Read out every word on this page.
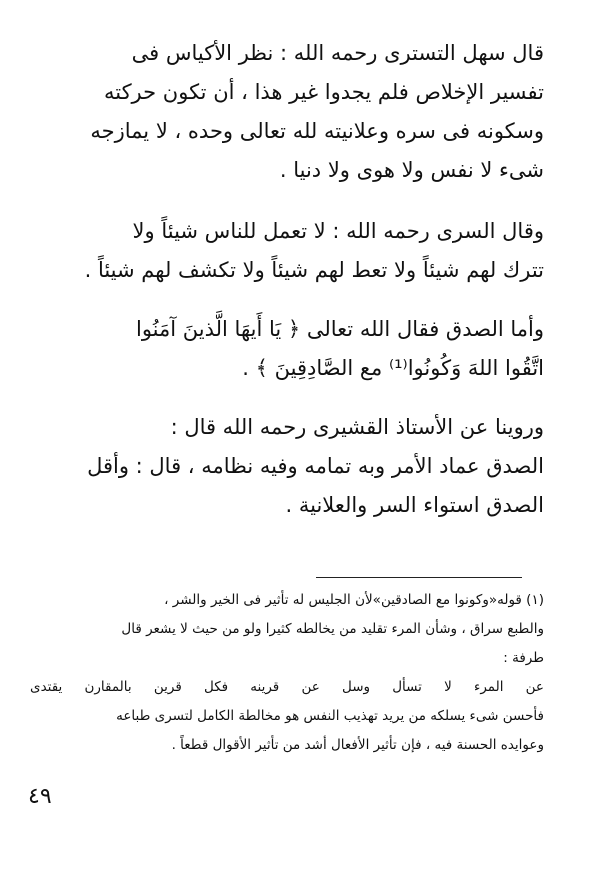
قال سهل التسترى رحمه الله : نظر الأكياس فى
تفسير الإخلاص فلم يجدوا غير هذا ، أن تكون حركته
وسكونه فى سره وعلانيته لله تعالى وحده ، لا يمازجه
شىء لا نفس ولا هوى ولا دنيا .
وقال السرى رحمه الله : لا تعمل للناس شيئاً ولا
تترك لهم شيئاً ولا تعط لهم شيئاً ولا تكشف لهم شيئاً .
وأما الصدق فقال الله تعالى ﴿ يَا أَيهَا الَّذينَ آمَنُوا
اتَّقُوا اللهَ وَكُونُوا⁽¹⁾ مع الصَّادِقِينَ ﴾ .
وروينا عن الأستاذ القشيرى رحمه الله قال :
الصدق عماد الأمر وبه تمامه وفيه نظامه ، قال : وأقل
الصدق استواء السر والعلانية .
(١) قوله«وكونوا مع الصادقين»لأن الجليس له تأثير فى الخير والشر ،
والطبع سراق ، وشأن المرء تقليد من يخالطه كثيرا ولو من حيث لا يشعر قال
طرفة :
عن المرء لا تسأل وسل عن قرينه فكل قرين بالمقارن يقتدى
فأحسن شىء يسلكه من يريد تهذيب النفس هو مخالطة الكامل لتسرى طباعه
وعوايده الحسنة فيه ، فإن تأثير الأفعال أشد من تأثير الأقوال قطعاً .
٤٩
